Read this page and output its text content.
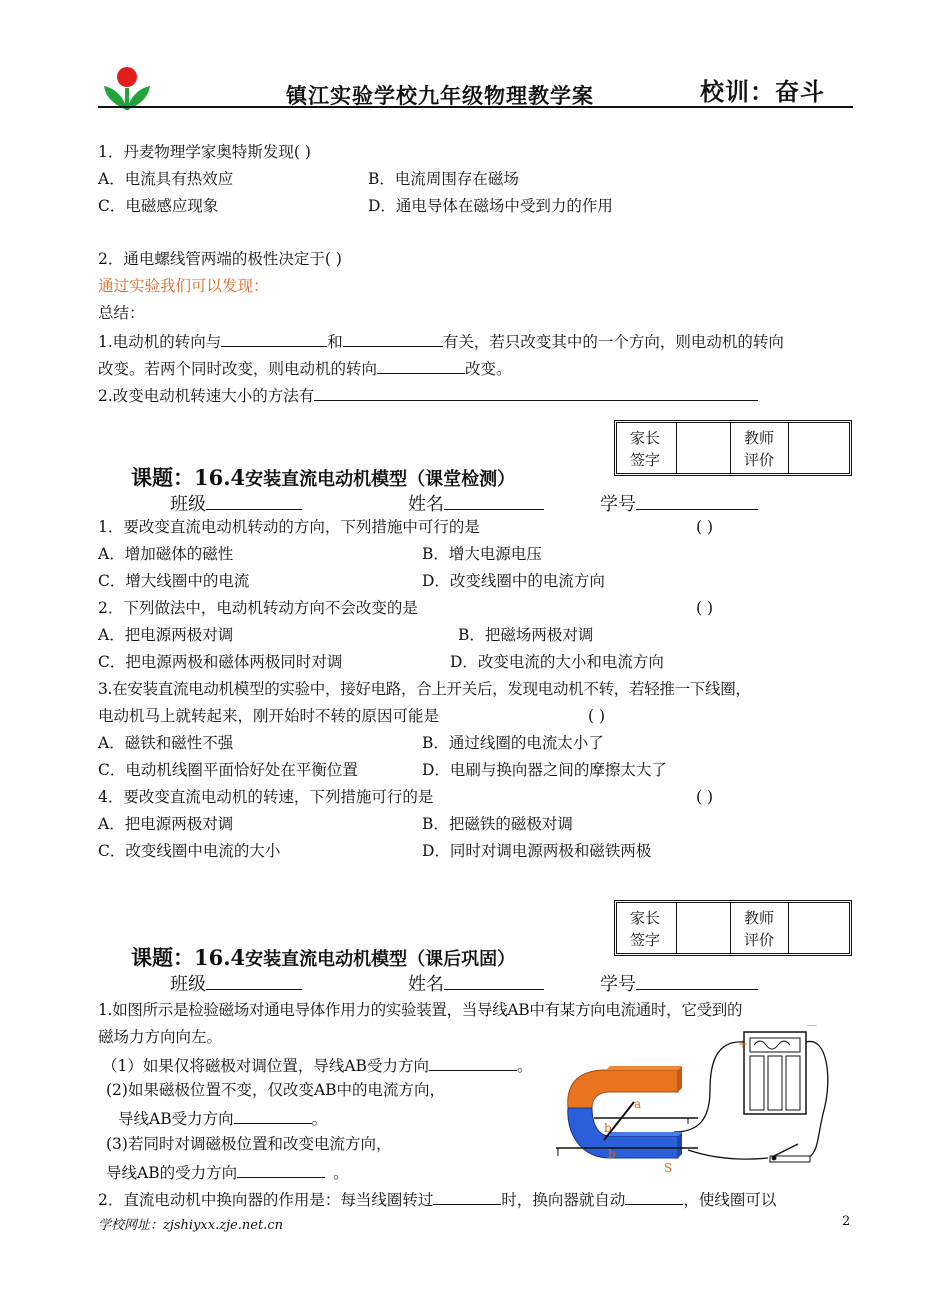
镇江实验学校九年级物理教学案	校训：奋斗
1．丹麦物理学家奥特斯发现( )
A．电流具有热效应	B．电流周围存在磁场
C．电磁感应现象	D．通电导体在磁场中受到力的作用
2．通电螺线管两端的极性决定于( )
通过实验我们可以发现：
总结：
1.电动机的转向与	和	有关，若只改变其中的一个方向，则电动机的转向
改变。若两个同时改变，则电动机的转向	改变。
2.改变电动机转速大小的方法有
家长
签字
教师
评价
课题：16.4安装直流电动机模型（课堂检测）
班级	姓名	学号
1．要改变直流电动机转动的方向，下列措施中可行的是	( )
A．增加磁体的磁性	B．增大电源电压
C．增大线圈中的电流	D．改变线圈中的电流方向
2．下列做法中，电动机转动方向不会改变的是	( )
A．把电源两极对调	B．把磁场两极对调
C．把电源两极和磁体两极同时对调	D．改变电流的大小和电流方向
3.在安装直流电动机模型的实验中，接好电路，合上开关后，发现电动机不转，若轻推一下线圈，
电动机马上就转起来，刚开始时不转的原因可能是	( )
A．磁铁和磁性不强	B．通过线圈的电流太小了
C．电动机线圈平面恰好处在平衡位置	D．电刷与换向器之间的摩擦太大了
4．要改变直流电动机的转速，下列措施可行的是	( )
A．把电源两极对调	B．把磁铁的磁极对调
C．改变线圈中电流的大小	D．同时对调电源两极和磁铁两极
家长
签字
教师
评价
课题：16.4安装直流电动机模型（课后巩固）
班级	姓名	学号
1.如图所示是检验磁场对通电导体作用力的实验装置，当导线AB中有某方向电流通时，它受到的
磁场力方向向左。
（1）如果仅将磁极对调位置，导线AB受力方向	。
(2)如果磁极位置不变，仅改变AB中的电流方向，
导线AB受力方向	。
(3)若同时对调磁极位置和改变电流方向，
导线AB的受力方向	。
+
－
a
b
b
S
2．直流电动机中换向器的作用是：每当线圈转过	时，换向器就自动	，使线圈可以
学校网址：zjshiyxx.zje.net.cn	2
